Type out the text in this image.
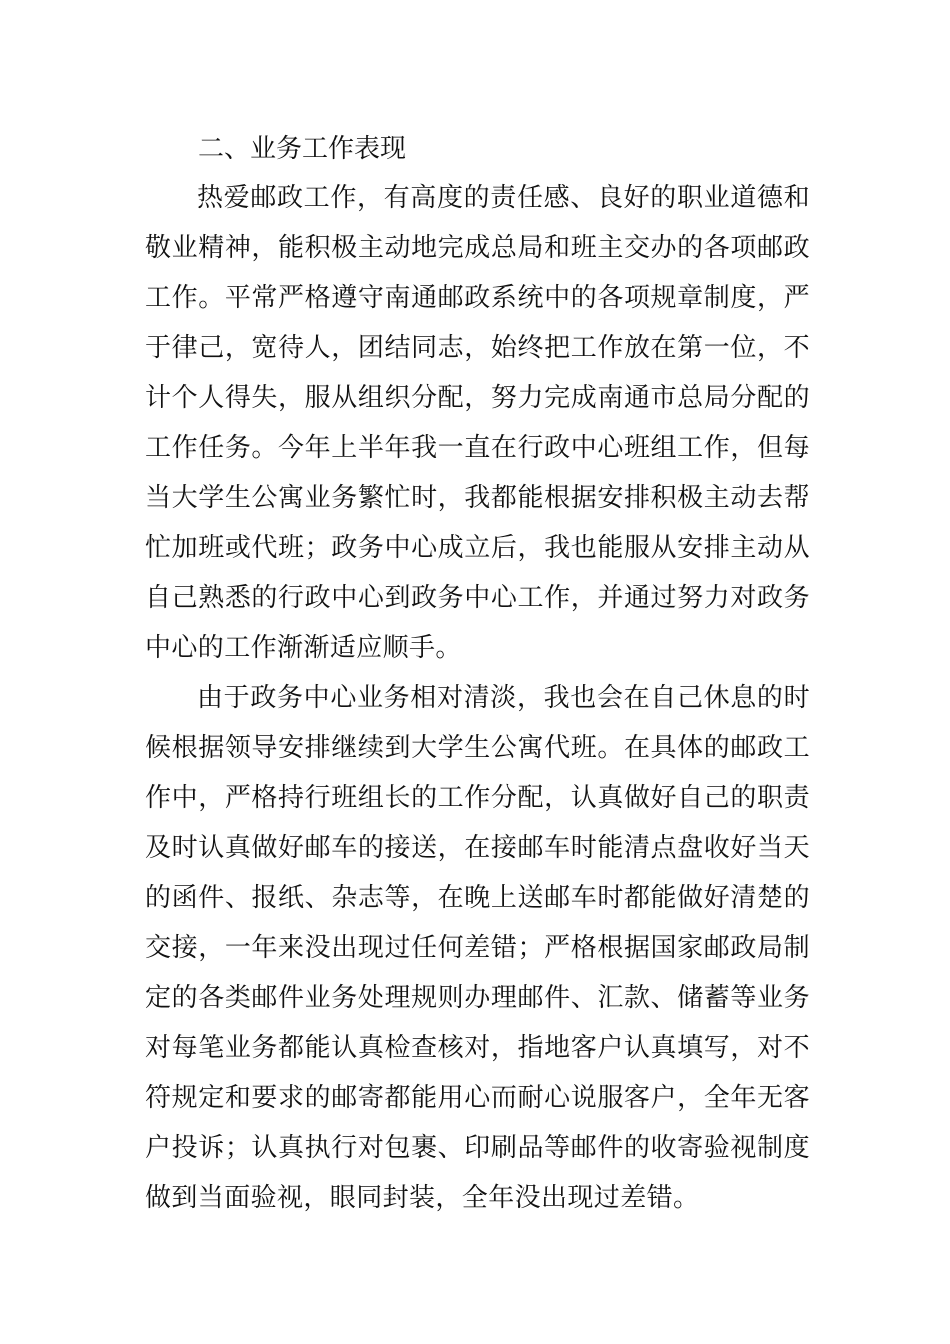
二、业务工作表现

热爱邮政工作，有高度的责任感、良好的职业道德和敬业精神，能积极主动地完成总局和班主交办的各项邮政工作。平常严格遵守南通邮政系统中的各项规章制度，严于律己，宽待人，团结同志，始终把工作放在第一位，不计个人得失，服从组织分配，努力完成南通市总局分配的工作任务。今年上半年我一直在行政中心班组工作，但每当大学生公寓业务繁忙时，我都能根据安排积极主动去帮忙加班或代班；政务中心成立后，我也能服从安排主动从自己熟悉的行政中心到政务中心工作，并通过努力对政务中心的工作渐渐适应顺手。

由于政务中心业务相对清淡，我也会在自己休息的时候根据领导安排继续到大学生公寓代班。在具体的邮政工作中，严格持行班组长的工作分配，认真做好自己的职责及时认真做好邮车的接送，在接邮车时能清点盘收好当天的函件、报纸、杂志等，在晚上送邮车时都能做好清楚的交接，一年来没出现过任何差错；严格根据国家邮政局制定的各类邮件业务处理规则办理邮件、汇款、储蓄等业务对每笔业务都能认真检查核对，指地客户认真填写，对不符规定和要求的邮寄都能用心而耐心说服客户，全年无客户投诉；认真执行对包裹、印刷品等邮件的收寄验视制度做到当面验视，眼同封装，全年没出现过差错。
